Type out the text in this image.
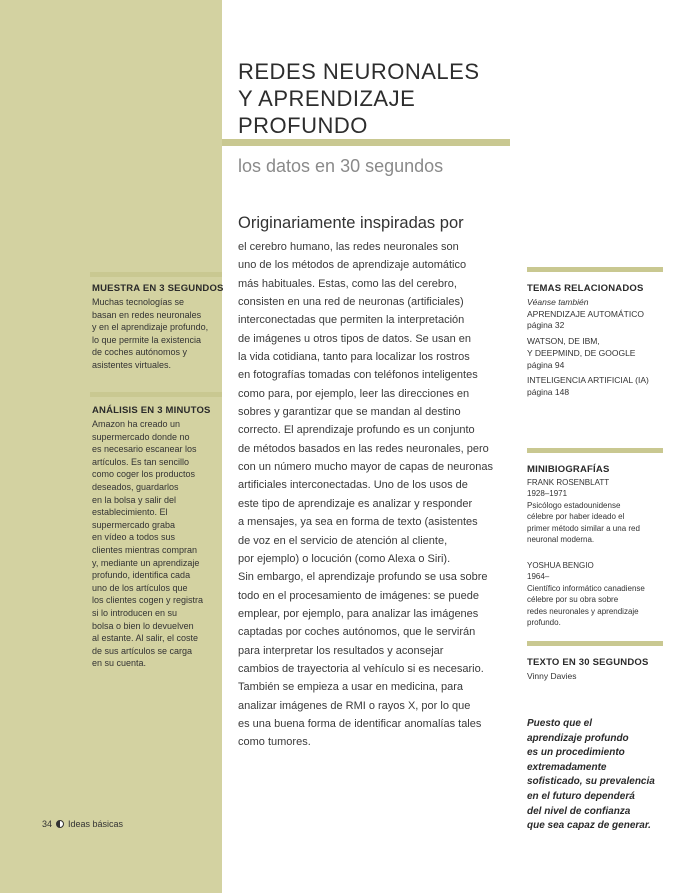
REDES NEURONALES
Y APRENDIZAJE
PROFUNDO
los datos en 30 segundos
Originariamente inspiradas por
el cerebro humano, las redes neuronales son
uno de los métodos de aprendizaje automático
más habituales. Estas, como las del cerebro,
consisten en una red de neuronas (artificiales)
interconectadas que permiten la interpretación
de imágenes u otros tipos de datos. Se usan en
la vida cotidiana, tanto para localizar los rostros
en fotografías tomadas con teléfonos inteligentes
como para, por ejemplo, leer las direcciones en
sobres y garantizar que se mandan al destino
correcto. El aprendizaje profundo es un conjunto
de métodos basados en las redes neuronales, pero
con un número mucho mayor de capas de neuronas
artificiales interconectadas. Uno de los usos de
este tipo de aprendizaje es analizar y responder
a mensajes, ya sea en forma de texto (asistentes
de voz en el servicio de atención al cliente,
por ejemplo) o locución (como Alexa o Siri).
Sin embargo, el aprendizaje profundo se usa sobre
todo en el procesamiento de imágenes: se puede
emplear, por ejemplo, para analizar las imágenes
captadas por coches autónomos, que le servirán
para interpretar los resultados y aconsejar
cambios de trayectoria al vehículo si es necesario.
También se empieza a usar en medicina, para
analizar imágenes de RMI o rayos X, por lo que
es una buena forma de identificar anomalías tales
como tumores.
MUESTRA EN 3 SEGUNDOS
Muchas tecnologías se
basan en redes neuronales
y en el aprendizaje profundo,
lo que permite la existencia
de coches autónomos y
asistentes virtuales.
ANÁLISIS EN 3 MINUTOS
Amazon ha creado un
supermercado donde no
es necesario escanear los
artículos. Es tan sencillo
como coger los productos
deseados, guardarlos
en la bolsa y salir del
establecimiento. El
supermercado graba
en vídeo a todos sus
clientes mientras compran
y, mediante un aprendizaje
profundo, identifica cada
uno de los artículos que
los clientes cogen y registra
si lo introducen en su
bolsa o bien lo devuelven
al estante. Al salir, el coste
de sus artículos se carga
en su cuenta.
TEMAS RELACIONADOS
Véanse también
APRENDIZAJE AUTOMÁTICO
página 32
WATSON, DE IBM,
Y DEEPMIND, DE GOOGLE
página 94
INTELIGENCIA ARTIFICIAL (IA)
página 148
MINIBIOGRAFÍAS
FRANK ROSENBLATT
1928–1971
Psicólogo estadounidense
célebre por haber ideado el
primer método similar a una red
neuronal moderna.
YOSHUA BENGIO
1964–
Científico informático canadiense
célebre por su obra sobre
redes neuronales y aprendizaje
profundo.
TEXTO EN 30 SEGUNDOS
Vinny Davies
Puesto que el
aprendizaje profundo
es un procedimiento
extremadamente
sofisticado, su prevalencia
en el futuro dependerá
del nivel de confianza
que sea capaz de generar.
34 Ideas básicas
